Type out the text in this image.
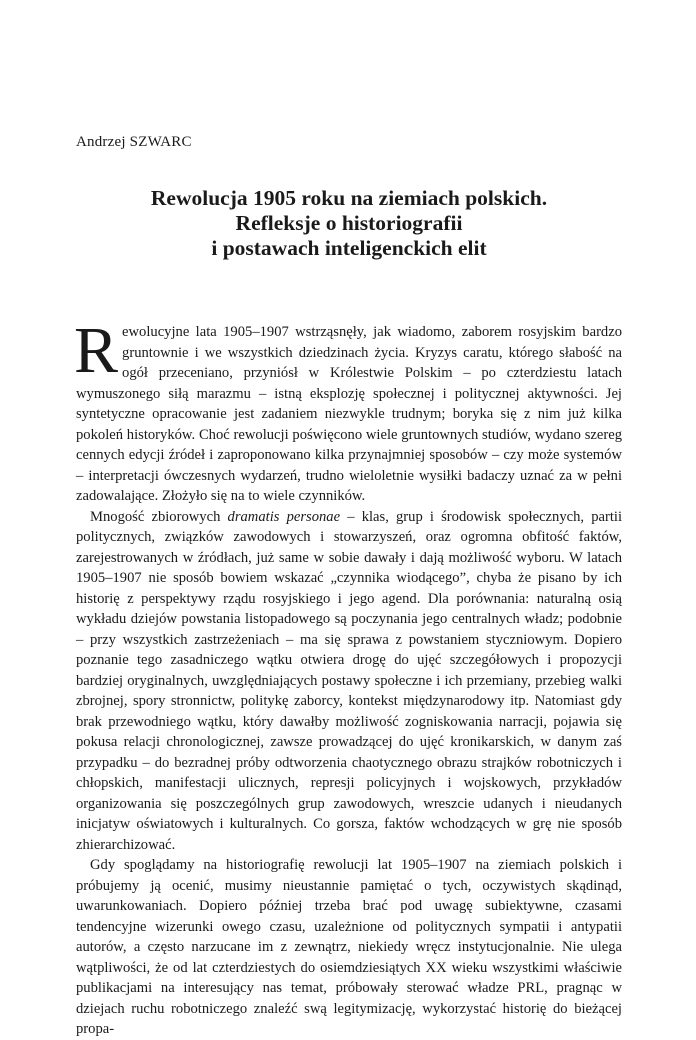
Andrzej SZWARC
Rewolucja 1905 roku na ziemiach polskich.
Refleksje o historiografii
i postawach inteligenckich elit

Rewolucyjne lata 1905–1907 wstrząsnęły, jak wiadomo, zaborem rosyjskim bardzo gruntownie i we wszystkich dziedzinach życia. Kryzys caratu, którego słabość na ogół przeceniano, przyniósł w Królestwie Polskim – po czterdziestu latach wymuszonego siłą marazmu – istną eksplozję społecznej i politycznej aktywności. Jej syntetyczne opracowanie jest zadaniem niezwykle trudnym; boryka się z nim już kilka pokoleń historyków. Choć rewolucji poświęcono wiele gruntownych studiów, wydano szereg cennych edycji źródeł i zaproponowano kilka przynajmniej sposobów – czy może systemów – interpretacji ówczesnych wydarzeń, trudno wieloletnie wysiłki badaczy uznać za w pełni zadowalające. Złożyło się na to wiele czynników.

Mnogość zbiorowych dramatis personae – klas, grup i środowisk społecznych, partii politycznych, związków zawodowych i stowarzyszeń, oraz ogromna obfitość faktów, zarejestrowanych w źródłach, już same w sobie dawały i dają możliwość wyboru. W latach 1905–1907 nie sposób bowiem wskazać „czynnika wiodącego”, chyba że pisano by ich historię z perspektywy rządu rosyjskiego i jego agend. Dla porównania: naturalną osią wykładu dziejów powstania listopadowego są poczynania jego centralnych władz; podobnie – przy wszystkich zastrzeżeniach – ma się sprawa z powstaniem styczniowym. Dopiero poznanie tego zasadniczego wątku otwiera drogę do ujęć szczegółowych i propozycji bardziej oryginalnych, uwzględniających postawy społeczne i ich przemiany, przebieg walki zbrojnej, spory stronnictw, politykę zaborcy, kontekst międzynarodowy itp. Natomiast gdy brak przewodniego wątku, który dawałby możliwość zogniskowania narracji, pojawia się pokusa relacji chronologicznej, zawsze prowadzącej do ujęć kronikarskich, w danym zaś przypadku – do bezradnej próby odtworzenia chaotycznego obrazu strajków robotniczych i chłopskich, manifestacji ulicznych, represji policyjnych i wojskowych, przykładów organizowania się poszczególnych grup zawodowych, wreszcie udanych i nieudanych inicjatyw oświatowych i kulturalnych. Co gorsza, faktów wchodzących w grę nie sposób zhierarchizować.

Gdy spoglądamy na historiografię rewolucji lat 1905–1907 na ziemiach polskich i próbujemy ją ocenić, musimy nieustannie pamiętać o tych, oczywistych skądinąd, uwarunkowaniach. Dopiero później trzeba brać pod uwagę subiektywne, czasami tendencyjne wizerunki owego czasu, uzależnione od politycznych sympatii i antypatii autorów, a często narzucane im z zewnątrz, niekiedy wręcz instytucjonalnie. Nie ulega wątpliwości, że od lat czterdziestych do osiemdziesiątych XX wieku wszystkimi właściwie publikacjami na interesujący nas temat, próbowały sterować władze PRL, pragnąc w dziejach ruchu robotniczego znaleźć swą legitymizację, wykorzystać historię do bieżącej propa-
